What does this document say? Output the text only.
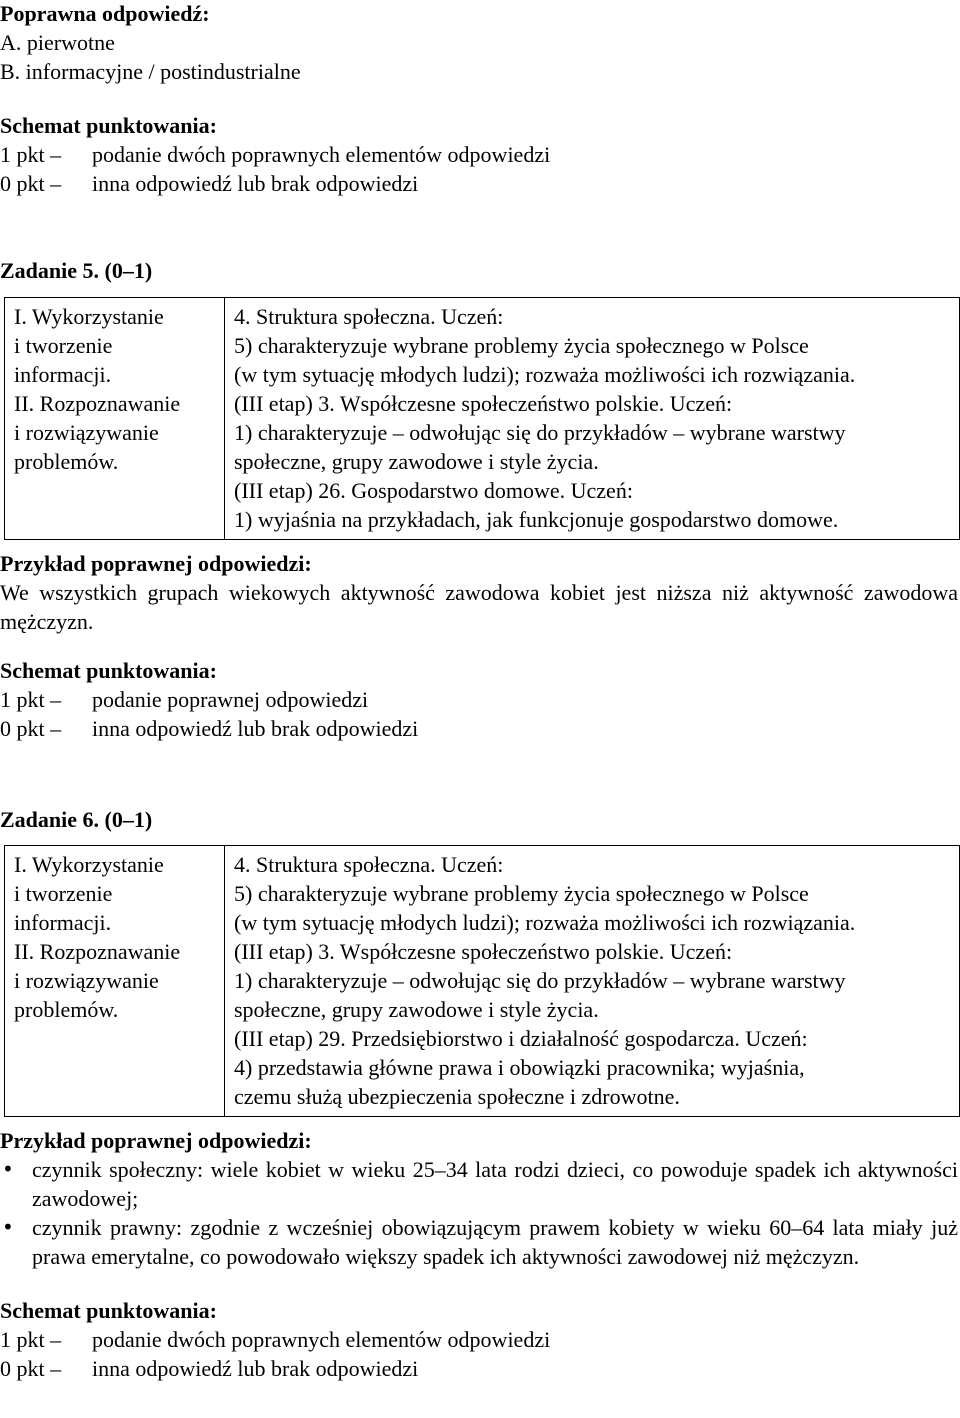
Poprawna odpowiedź:
A. pierwotne
B. informacyjne / postindustrialne
Schemat punktowania:
1 pkt –	podanie dwóch poprawnych elementów odpowiedzi
0 pkt –	inna odpowiedź lub brak odpowiedzi
Zadanie 5. (0–1)
I. Wykorzystanie
i tworzenie
informacji.
II. Rozpoznawanie
i rozwiązywanie
problemów.

4. Struktura społeczna. Uczeń:
5) charakteryzuje wybrane problemy życia społecznego w Polsce
(w tym sytuację młodych ludzi); rozważa możliwości ich rozwiązania.
(III etap) 3. Współczesne społeczeństwo polskie. Uczeń:
1) charakteryzuje – odwołując się do przykładów – wybrane warstwy
społeczne, grupy zawodowe i style życia.
(III etap) 26. Gospodarstwo domowe. Uczeń:
1) wyjaśnia na przykładach, jak funkcjonuje gospodarstwo domowe.
Przykład poprawnej odpowiedzi:
We wszystkich grupach wiekowych aktywność zawodowa kobiet jest niższa niż aktywność zawodowa mężczyzn.
Schemat punktowania:
1 pkt –	podanie poprawnej odpowiedzi
0 pkt –	inna odpowiedź lub brak odpowiedzi
Zadanie 6. (0–1)
I. Wykorzystanie
i tworzenie
informacji.
II. Rozpoznawanie
i rozwiązywanie
problemów.

4. Struktura społeczna. Uczeń:
5) charakteryzuje wybrane problemy życia społecznego w Polsce
(w tym sytuację młodych ludzi); rozważa możliwości ich rozwiązania.
(III etap) 3. Współczesne społeczeństwo polskie. Uczeń:
1) charakteryzuje – odwołując się do przykładów – wybrane warstwy
społeczne, grupy zawodowe i style życia.
(III etap) 29. Przedsiębiorstwo i działalność gospodarcza. Uczeń:
4) przedstawia główne prawa i obowiązki pracownika; wyjaśnia,
czemu służą ubezpieczenia społeczne i zdrowotne.
Przykład poprawnej odpowiedzi:
• czynnik społeczny: wiele kobiet w wieku 25–34 lata rodzi dzieci, co powoduje spadek ich aktywności zawodowej;
• czynnik prawny: zgodnie z wcześniej obowiązującym prawem kobiety w wieku 60–64 lata miały już prawa emerytalne, co powodowało większy spadek ich aktywności zawodowej niż mężczyzn.
Schemat punktowania:
1 pkt –	podanie dwóch poprawnych elementów odpowiedzi
0 pkt –	inna odpowiedź lub brak odpowiedzi
